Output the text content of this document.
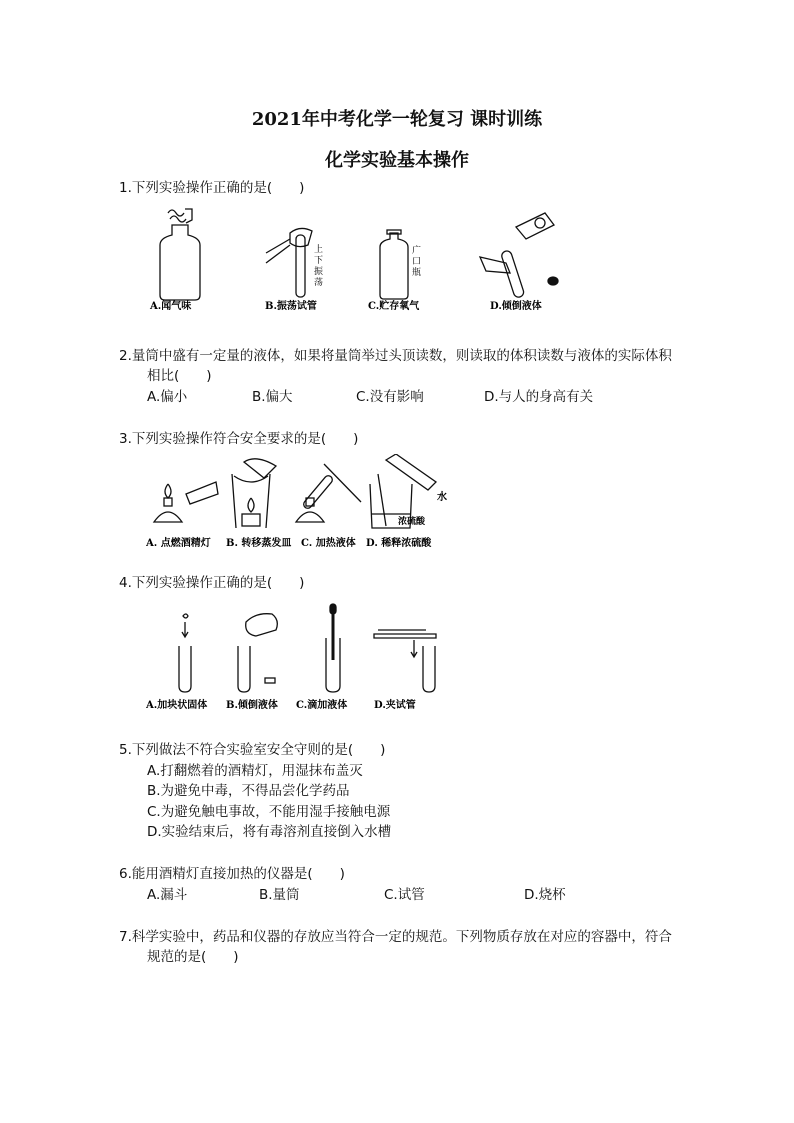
2021年中考化学一轮复习 课时训练
化学实验基本操作
1.下列实验操作正确的是(　　)
A.闻气味	B.振荡试管	C.贮存氧气	D.倾倒液体
上
下
振
荡
广
口
瓶
2.量筒中盛有一定量的液体，如果将量筒举过头顶读数，则读取的体积读数与液体的实际体积
相比(　　)
A.偏小	B.偏大	C.没有影响	D.与人的身高有关
3.下列实验操作符合安全要求的是(　　)
水
浓硫酸
A. 点燃酒精灯 B. 转移蒸发皿 C. 加热液体 D. 稀释浓硫酸
4.下列实验操作正确的是(　　)
A.加块状固体 B.倾倒液体 C.滴加液体	D.夹试管
5.下列做法不符合实验室安全守则的是(　　)
A.打翻燃着的酒精灯，用湿抹布盖灭
B.为避免中毒，不得品尝化学药品
C.为避免触电事故，不能用湿手接触电源
D.实验结束后，将有毒溶剂直接倒入水槽
6.能用酒精灯直接加热的仪器是(　　)
A.漏斗	B.量筒	C.试管	D.烧杯
7.科学实验中，药品和仪器的存放应当符合一定的规范。下列物质存放在对应的容器中，符合
规范的是(　　)
